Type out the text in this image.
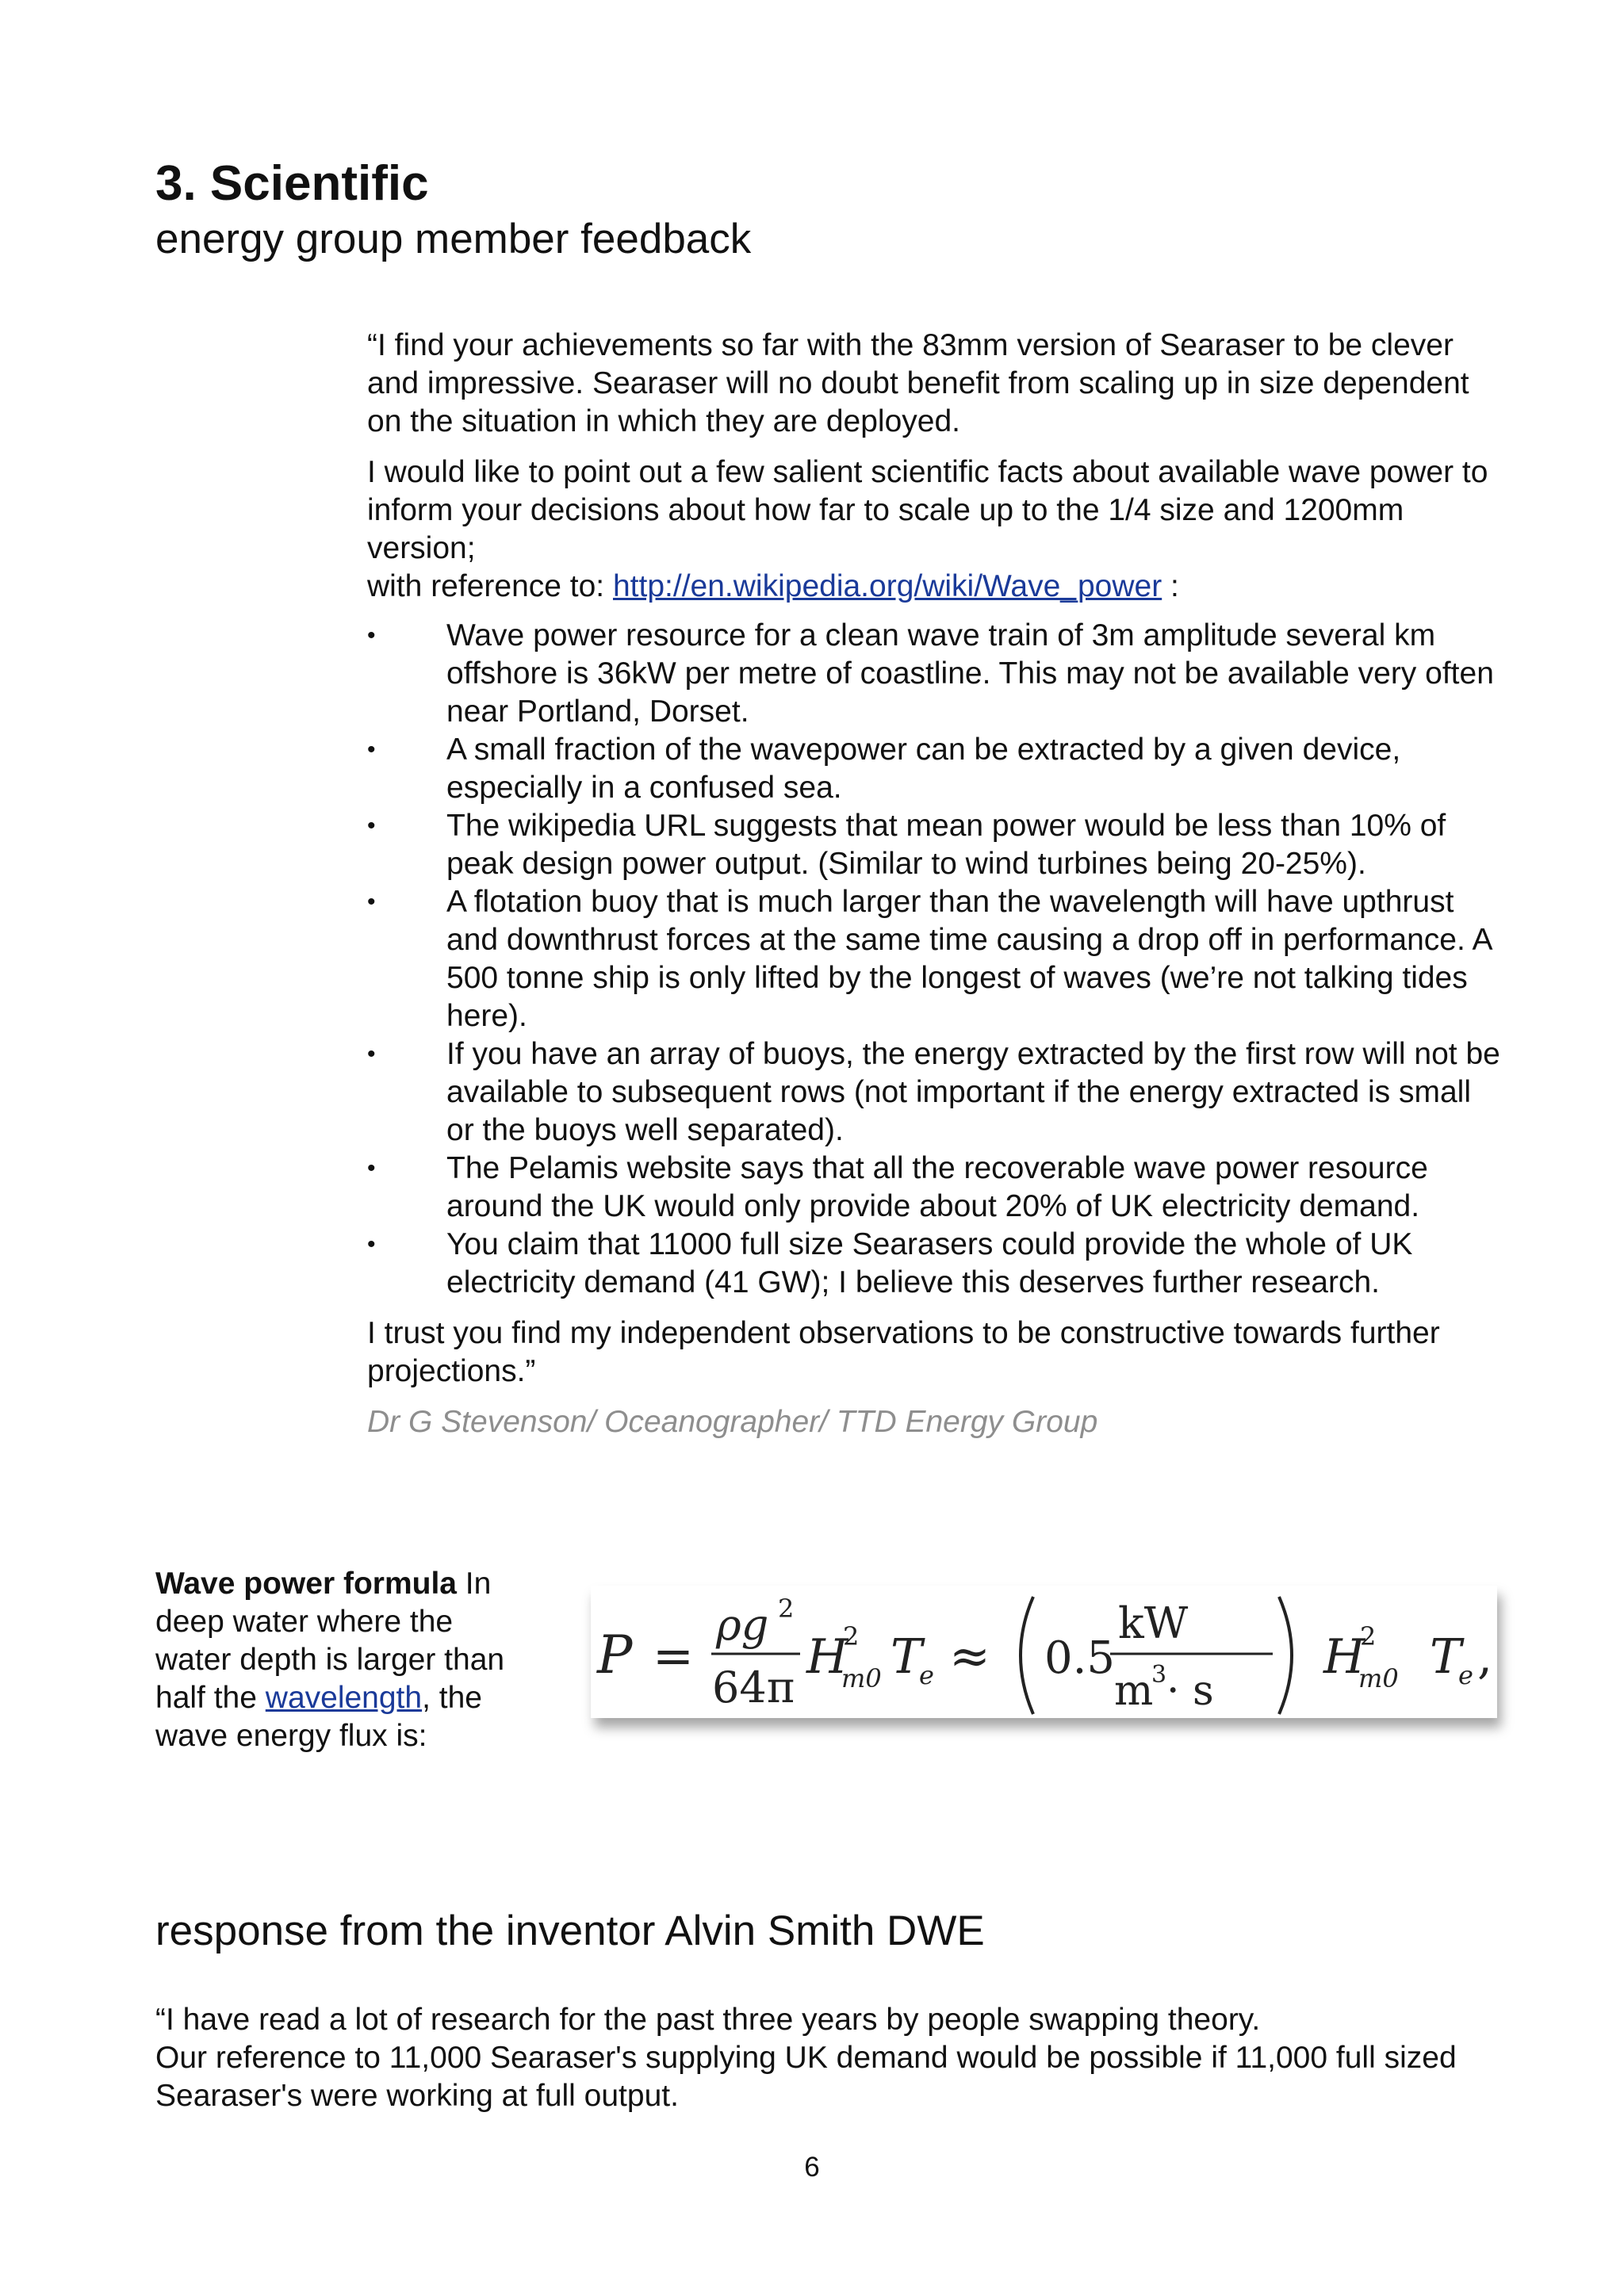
3. Scientific
energy group member feedback

“I find your achievements so far with the 83mm version of Searaser to be clever and impressive. Searaser will no doubt benefit from scaling up in size dependent on the situation in which they are deployed.

I would like to point out a few salient scientific facts about available wave power to inform your decisions about how far to scale up to the 1/4 size and 1200mm version;
with reference to: http://en.wikipedia.org/wiki/Wave_power :

• Wave power resource for a clean wave train of 3m amplitude several km offshore is 36kW per metre of coastline. This may not be available very often near Portland, Dorset.
• A small fraction of the wavepower can be extracted by a given device, especially in a confused sea.
• The wikipedia URL suggests that mean power would be less than 10% of peak design power output. (Similar to wind turbines being 20-25%).
• A flotation buoy that is much larger than the wavelength will have upthrust and downthrust forces at the same time causing a drop off in performance. A 500 tonne ship is only lifted by the longest of waves (we’re not talking tides here).
• If you have an array of buoys, the energy extracted by the first row will not be available to subsequent rows (not important if the energy extracted is small or the buoys well separated).
• The Pelamis website says that all the recoverable wave power resource around the UK would only provide about 20% of UK electricity demand.
• You claim that 11000 full size Searasers could provide the whole of UK electricity demand (41 GW); I believe this deserves further research.

I trust you find my independent observations to be constructive towards further projections.”

Dr G Stevenson/ Oceanographer/ TTD Energy Group
Wave power formula In deep water where the water depth is larger than half the wavelength, the wave energy flux is:
P =
ρg 2
64π
H
2
m0 T
e ≈ 0.5
kW
m
3 · s
H
2
m0 T
e ,
response from the inventor Alvin Smith DWE

“I have read a lot of research for the past three years by people swapping theory.

Our reference to 11,000 Searaser's supplying UK demand would be possible if 11,000 full sized Searaser's were working at full output.

6
